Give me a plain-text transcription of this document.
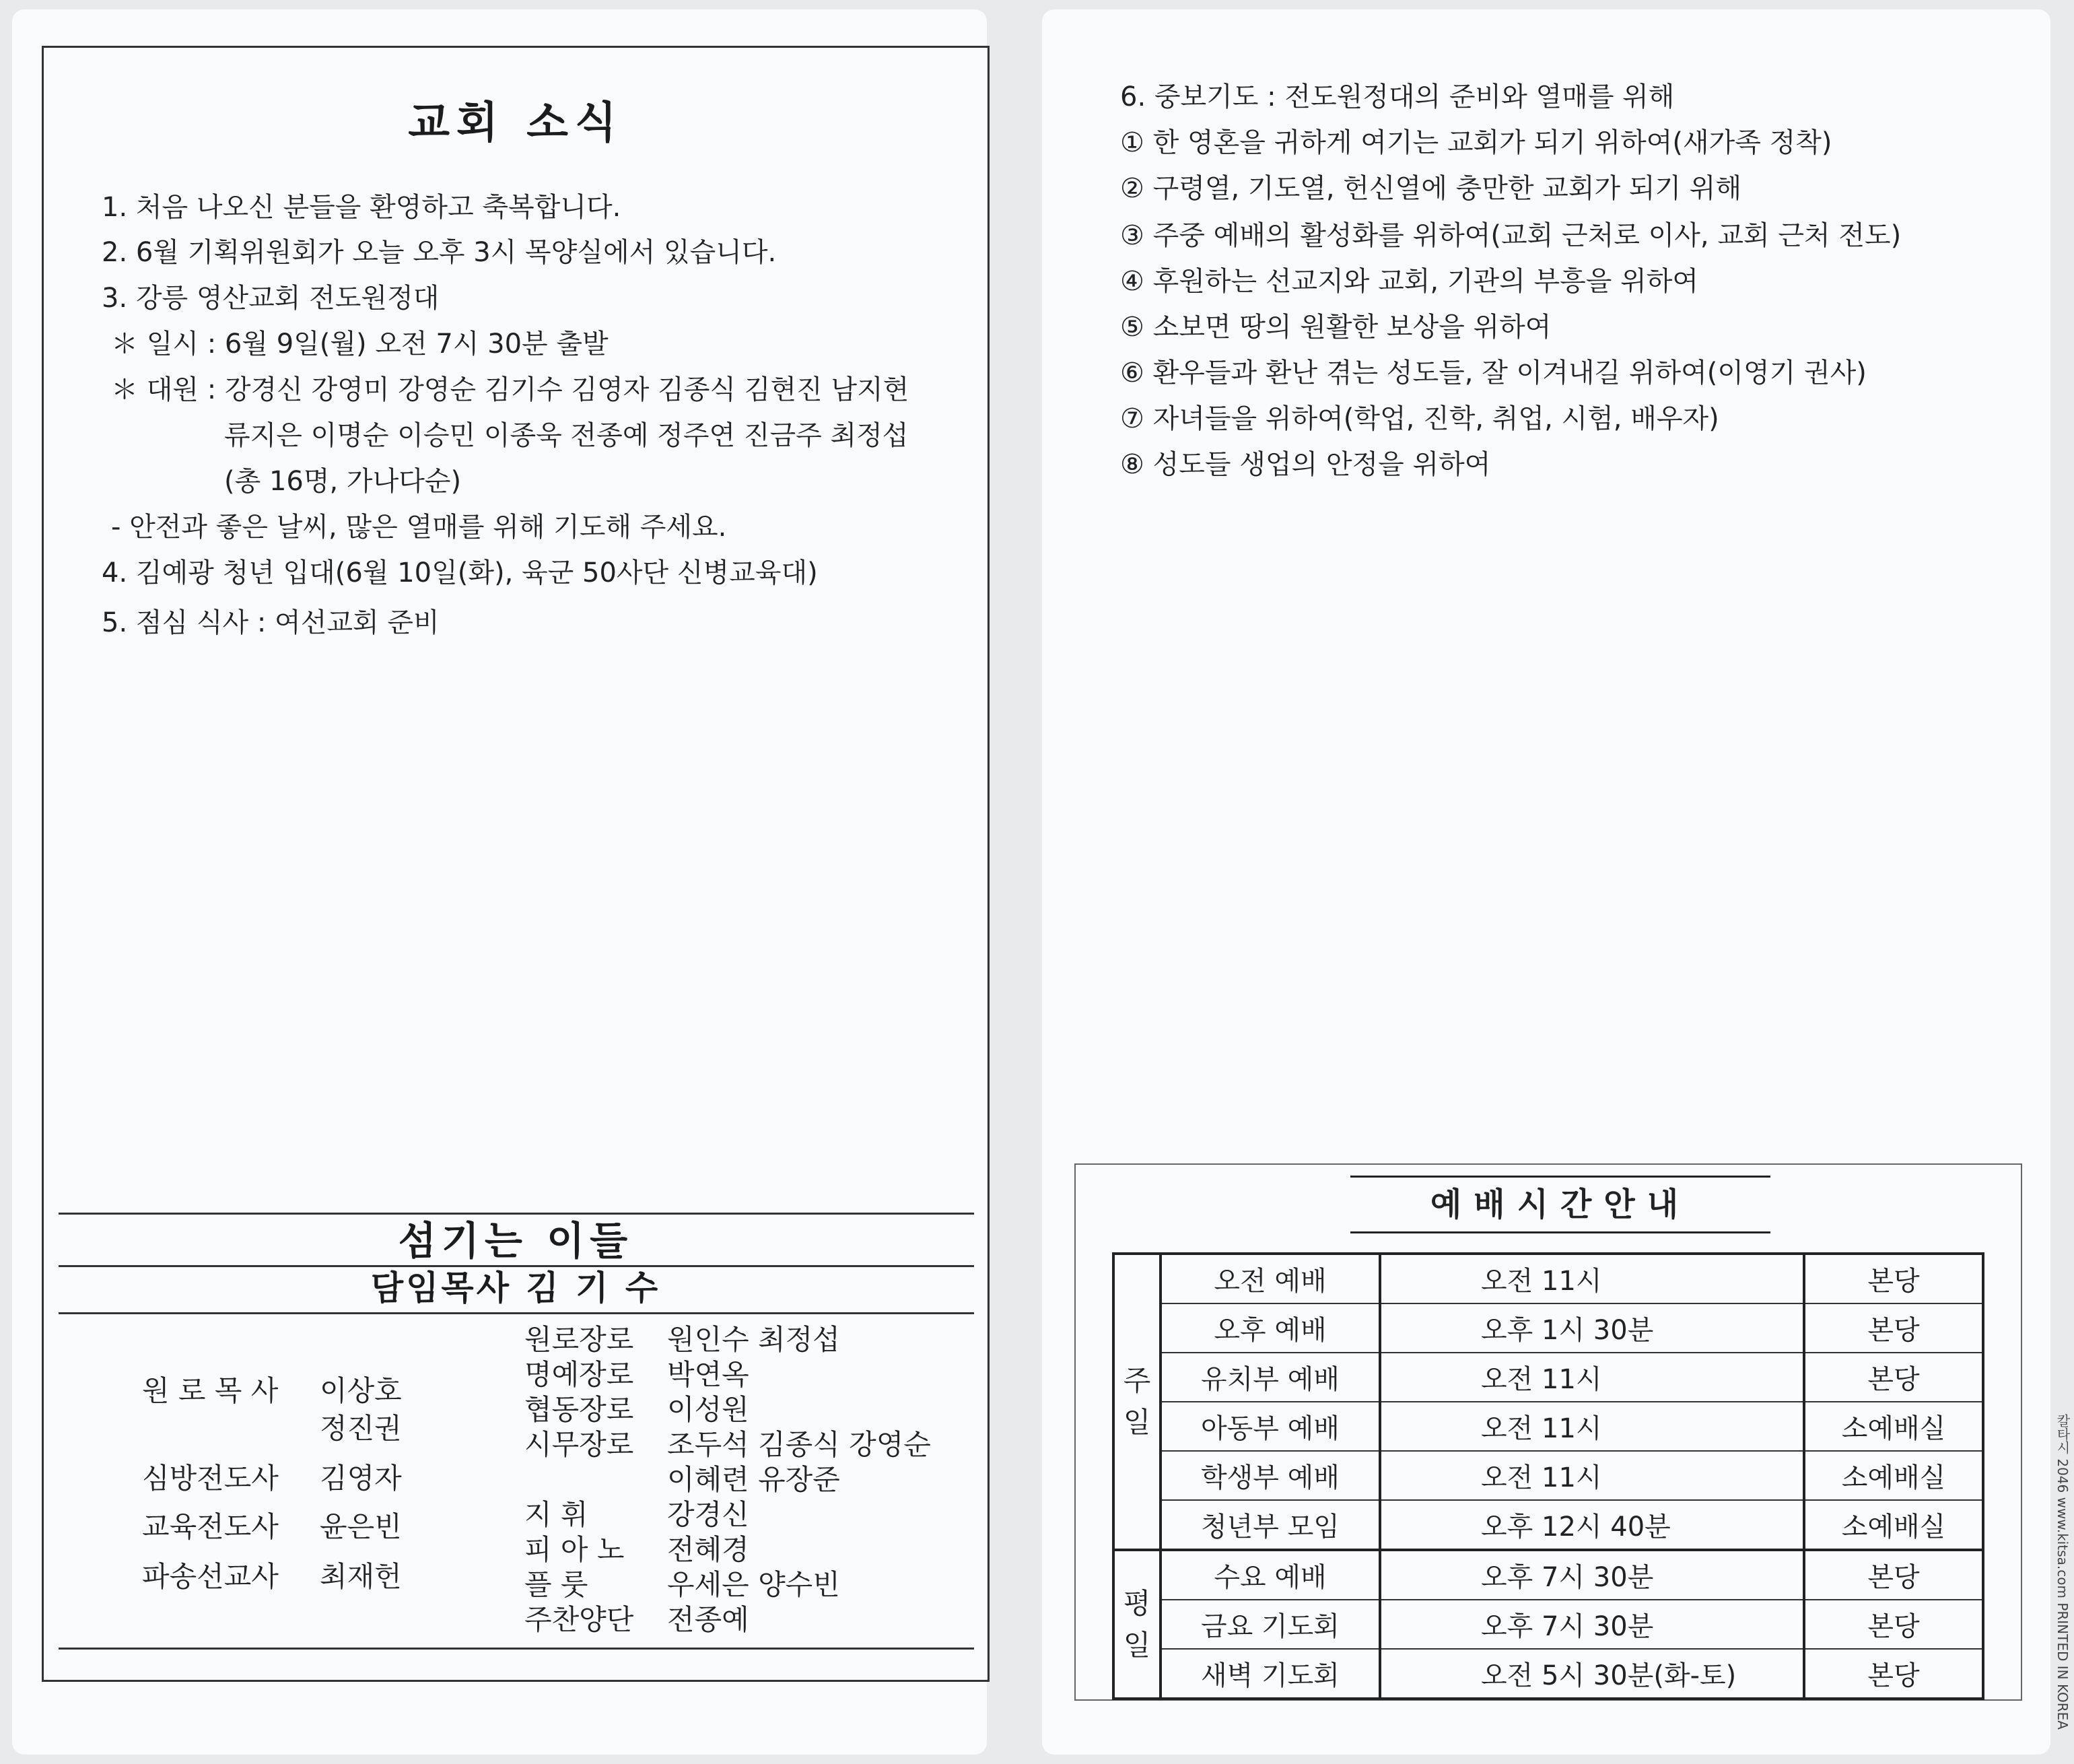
교회 소식
1. 처음 나오신 분들을 환영하고 축복합니다.
2. 6월 기획위원회가 오늘 오후 3시 목양실에서 있습니다.
3. 강릉 영산교회 전도원정대
＊ 일시 : 6월 9일(월) 오전 7시 30분 출발
＊ 대원 : 강경신 강영미 강영순 김기수 김영자 김종식 김현진 남지현
류지은 이명순 이승민 이종욱 전종예 정주연 진금주 최정섭
(총 16명, 가나다순)
- 안전과 좋은 날씨, 많은 열매를 위해 기도해 주세요.
4. 김예광 청년 입대(6월 10일(화), 육군 50사단 신병교육대)
5. 점심 식사 : 여선교회 준비
섬기는 이들
담임목사 김 기 수
원 로 목 사 이상호
정진권
심방전도사 김영자
교육전도사 윤은빈
파송선교사 최재헌
원로장로 원인수 최정섭
명예장로 박연옥
협동장로 이성원
시무장로 조두석 김종식 강영순
이혜련 유장준
지 휘	강경신
피 아 노 전혜경
플 룻	우세은 양수빈
주찬양단 전종예
6. 중보기도 : 전도원정대의 준비와 열매를 위해
① 한 영혼을 귀하게 여기는 교회가 되기 위하여(새가족 정착)
② 구령열, 기도열, 헌신열에 충만한 교회가 되기 위해
③ 주중 예배의 활성화를 위하여(교회 근처로 이사, 교회 근처 전도)
④ 후원하는 선교지와 교회, 기관의 부흥을 위하여
⑤ 소보면 땅의 원활한 보상을 위하여
⑥ 환우들과 환난 겪는 성도들, 잘 이겨내길 위하여(이영기 권사)
⑦ 자녀들을 위하여(학업, 진학, 취업, 시험, 배우자)
⑧ 성도들 생업의 안정을 위하여
예배시간안내
주
일	오전 예배	오전 11시	본당
	오후 예배	오후 1시 30분	본당
	유치부 예배	오전 11시	본당
	아동부 예배	오전 11시	소예배실
	학생부 예배	오전 11시	소예배실
	청년부 모임	오후 12시 40분	소예배실

평
일	수요 예배	오후 7시 30분	본당
	금요 기도회	오후 7시 30분	본당
	새벽 기도회	오전 5시 30분(화-토)	본당	칼타시 2046 www.kitsa.com PRINTED IN KOREA
